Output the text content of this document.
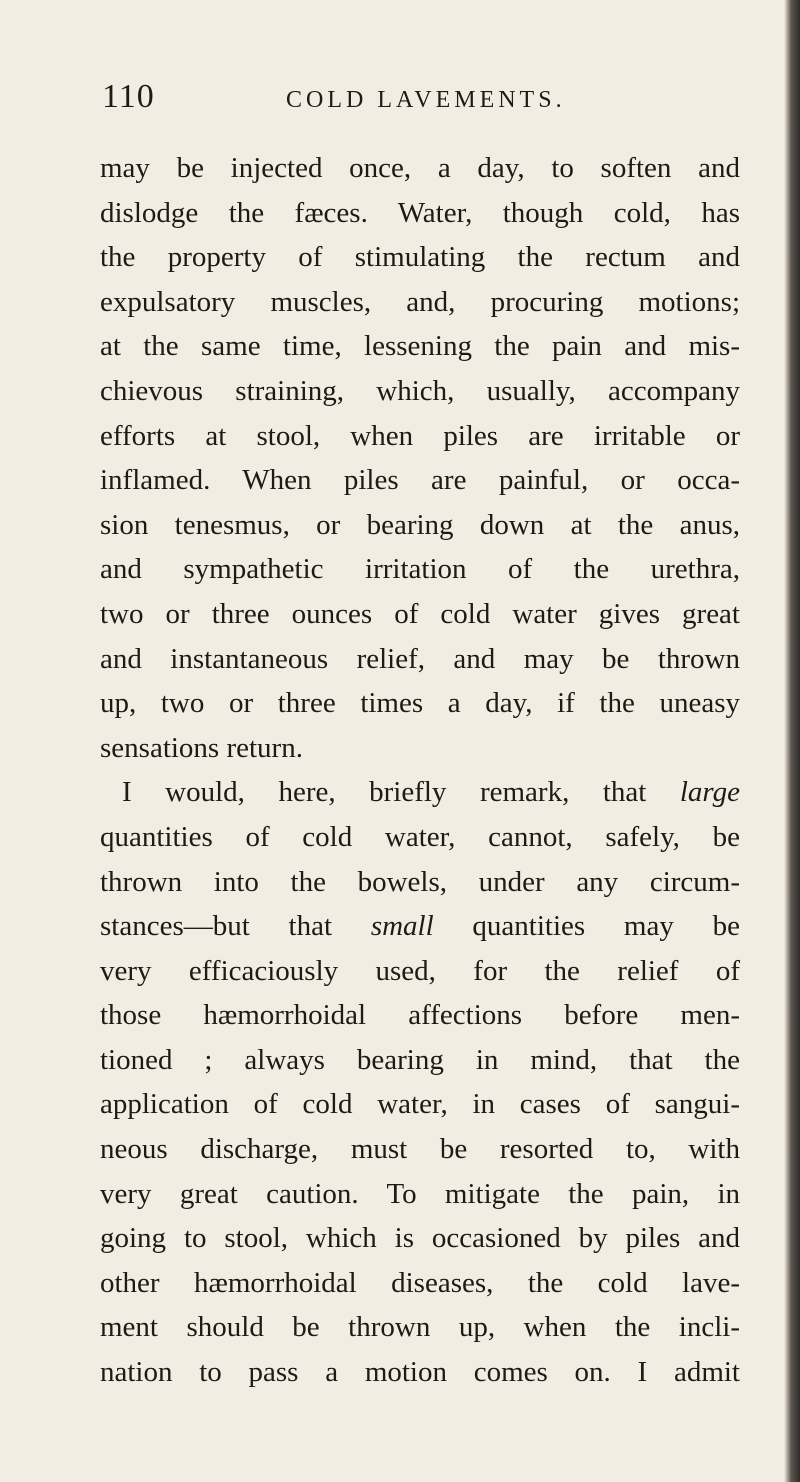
110	COLD LAVEMENTS.
may be injected once, a day, to soften and
dislodge the fæces. Water, though cold, has
the property of stimulating the rectum and
expulsatory muscles, and, procuring motions;
at the same time, lessening the pain and mis-
chievous straining, which, usually, accompany
efforts at stool, when piles are irritable or
inflamed. When piles are painful, or occa-
sion tenesmus, or bearing down at the anus,
and sympathetic irritation of the urethra,
two or three ounces of cold water gives great
and instantaneous relief, and may be thrown
up, two or three times a day, if the uneasy
sensations return.
I would, here, briefly remark, that large
quantities of cold water, cannot, safely, be
thrown into the bowels, under any circum-
stances—but that small quantities may be
very efficaciously used, for the relief of
those hæmorrhoidal affections before men-
tioned ; always bearing in mind, that the
application of cold water, in cases of sangui-
neous discharge, must be resorted to, with
very great caution. To mitigate the pain, in
going to stool, which is occasioned by piles and
other hæmorrhoidal diseases, the cold lave-
ment should be thrown up, when the incli-
nation to pass a motion comes on. I admit
